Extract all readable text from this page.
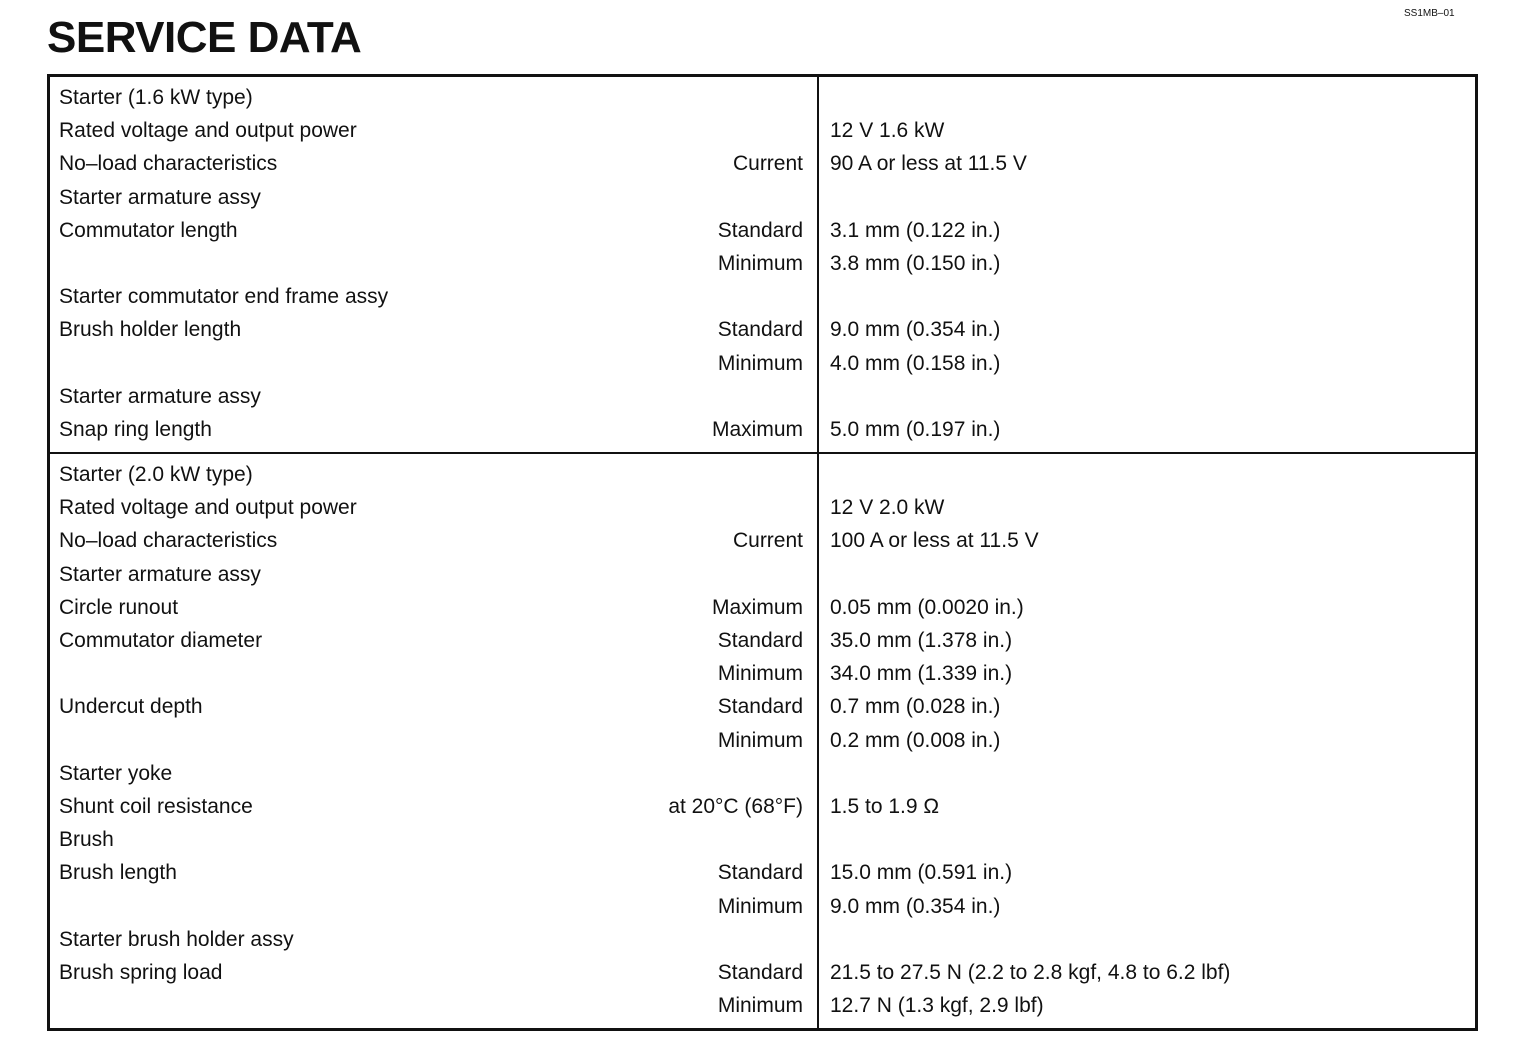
SERVICE DATA	SS1MB–01
Starter (1.6 kW type)
Rated voltage and output power	12 V 1.6 kW
No–load characteristics	Current 90 A or less at 11.5 V
Starter armature assy
Commutator length	Standard 3.1 mm (0.122 in.)
Minimum 3.8 mm (0.150 in.)
Starter commutator end frame assy
Brush holder length	Standard 9.0 mm (0.354 in.)
Minimum 4.0 mm (0.158 in.)
Starter armature assy
Snap ring length	Maximum 5.0 mm (0.197 in.)
Starter (2.0 kW type)
Rated voltage and output power	12 V 2.0 kW
No–load characteristics	Current 100 A or less at 11.5 V
Starter armature assy
Circle runout	Maximum 0.05 mm (0.0020 in.)
Commutator diameter	Standard 35.0 mm (1.378 in.)
Minimum 34.0 mm (1.339 in.)
Undercut depth	Standard 0.7 mm (0.028 in.)
Minimum 0.2 mm (0.008 in.)
Starter yoke
Shunt coil resistance	at 20°C (68°F) 1.5 to 1.9 Ω
Brush
Brush length	Standard 15.0 mm (0.591 in.)
Minimum 9.0 mm (0.354 in.)
Starter brush holder assy
Brush spring load	Standard 21.5 to 27.5 N (2.2 to 2.8 kgf, 4.8 to 6.2 lbf)
Minimum 12.7 N (1.3 kgf, 2.9 lbf)
